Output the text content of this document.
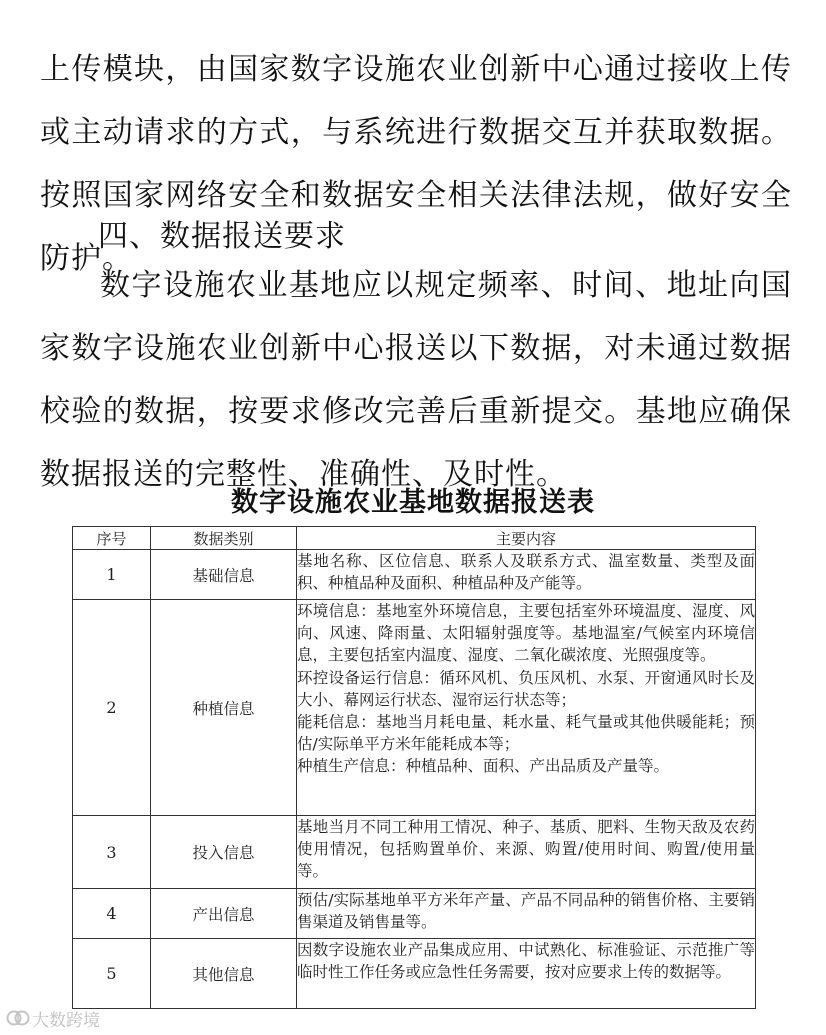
上传模块，由国家数字设施农业创新中心通过接收上传或主动请求的方式，与系统进行数据交互并获取数据。按照国家网络安全和数据安全相关法律法规，做好安全防护。

四、数据报送要求

数字设施农业基地应以规定频率、时间、地址向国家数字设施农业创新中心报送以下数据，对未通过数据校验的数据，按要求修改完善后重新提交。基地应确保数据报送的完整性、准确性、及时性。

数字设施农业基地数据报送表
序号	数据类别	主要内容
1	基础信息	基地名称、区位信息、联系人及联系方式、温室数量、类型及面积、种植品种及面积、种植品种及产能等。

2	种植信息	环境信息：基地室外环境信息，主要包括室外环境温度、湿度、风向、风速、降雨量、太阳辐射强度等。基地温室/气候室内环境信息，主要包括室内温度、湿度、二氧化碳浓度、光照强度等。
环控设备运行信息：循环风机、负压风机、水泵、开窗通风时长及大小、幕网运行状态、湿帘运行状态等；
能耗信息：基地当月耗电量、耗水量、耗气量或其他供暖能耗；预估/实际单平方米年能耗成本等；
种植生产信息：种植品种、面积、产出品质及产量等。

3	投入信息	基地当月不同工种用工情况、种子、基质、肥料、生物天敌及农药使用情况，包括购置单价、来源、购置/使用时间、购置/使用量等。

4	产出信息	预估/实际基地单平方米年产量、产品不同品种的销售价格、主要销售渠道及销售量等。

5	其他信息	因数字设施农业产品集成应用、中试熟化、标准验证、示范推广等临时性工作任务或应急性任务需要，按对应要求上传的数据等。
大数跨境
